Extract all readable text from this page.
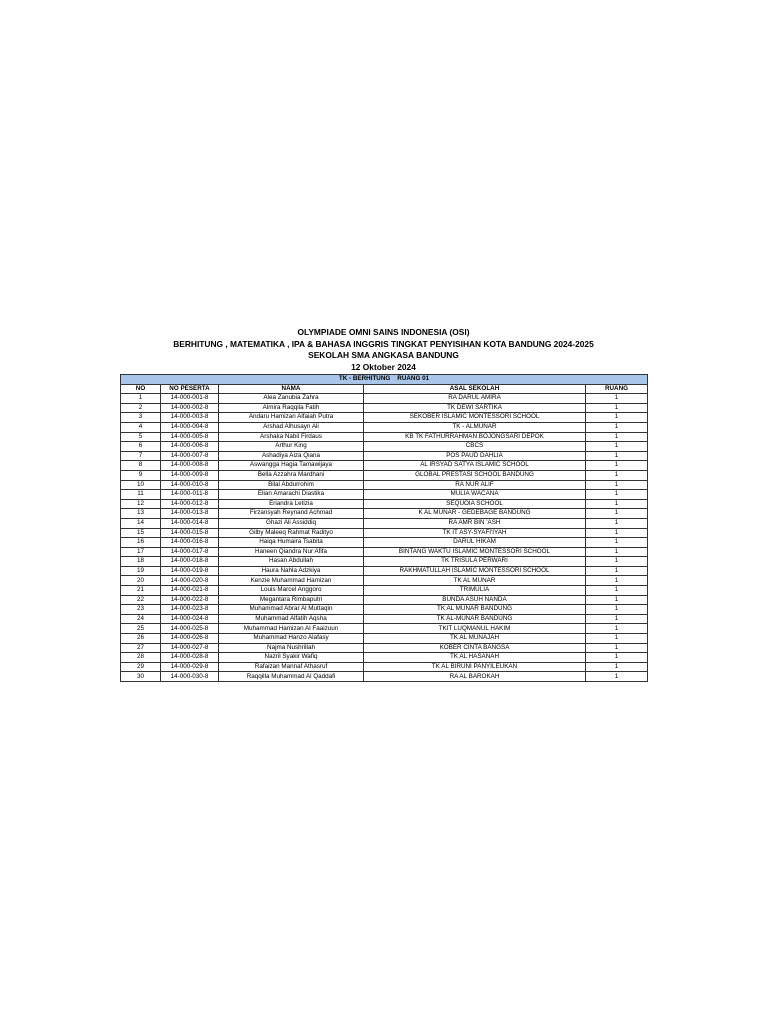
OLYMPIADE OMNI SAINS INDONESIA (OSI)
BERHITUNG , MATEMATIKA , IPA & BAHASA INGGRIS TINGKAT PENYISIHAN KOTA BANDUNG 2024-2025
SEKOLAH SMA ANGKASA BANDUNG
12 Oktober 2024
TK - BERHITUNG    RUANG 01				
NO	NO PESERTA	NAMA	ASAL SEKOLAH	RUANG
1	14-000-001-8	Alea Zanubia Zahra	RA DARUL AMIRA	1
2	14-000-002-8	Almira Raqqila Fatih	TK DEWI SARTIKA	1
3	14-000-003-8	Andaru Hamizan Alfaiah Putra	SEKOBER ISLAMIC MONTESSORI SCHOOL	1
4	14-000-004-8	Arshad Alhusayn Ali	TK - ALMUNAR	1
5	14-000-005-8	Arshaka Nabil Firdaus	KB TK FATHURRAHMAN BOJONGSARI DEPOK	1
6	14-000-006-8	Arthur King	CBCS	1
7	14-000-007-8	Ashadiya Aiza Qiana	POS PAUD DAHLIA	1
8	14-000-008-8	Aswangga Hagia Tamawijaya	AL IRSYAD SATYA ISLAMIC SCHOOL	1
9	14-000-009-8	Bella Azzahra Mardhani	GLOBAL PRESTASI SCHOOL BANDUNG	1
10	14-000-010-8	Bilal Abdurrohim	RA NUR ALIF	1
11	14-000-011-8	Elian Amarachi Diastika	MULIA WACANA	1
12	14-000-012-8	Eriandra Letizia	SEQUOIA SCHOOL	1
13	14-000-013-8	Firzansyah Reynand Achmad	K AL MUNAR - GEDEBAGE BANDUNG	1
14	14-000-014-8	Ghazi Ali Assiddiq	RA AMR BIN 'ASH	1
15	14-000-015-8	Gilby Maleeq Rahmat Radityo	TK IT ASY-SYAFI'IYAH	1
16	14-000-016-8	Haiqa Humaira Tsabita	DARUL HIKAM	1
17	14-000-017-8	Haneen Qiandra Nur Afifa	BINTANG WAKTU ISLAMIC MONTESSORI SCHOOL	1
18	14-000-018-8	Hasan Abdullah	TK TRISULA PERWARI	1
19	14-000-019-8	Haura Nahla Adzkiya	RAKHMATULLAH ISLAMIC MONTESSORI SCHOOL	1
20	14-000-020-8	Kenzie Muhammad Hamizan	TK AL MUNAR	1
21	14-000-021-8	Louis Marcel Anggoro	TRIMULIA	1
22	14-000-022-8	Megantara Rimbaputri	BUNDA ASUH NANDA	1
23	14-000-023-8	Muhammad Abrar Al Muttaqin	TK AL MUNAR BANDUNG	1
24	14-000-024-8	Muhammad Alfatih Aqsha	TK AL-MUNAR BANDUNG	1
25	14-000-025-8	Muhammad Hamizan Al Faaizuun	TKIT LUQMANUL HAKIM	1
26	14-000-026-8	Muhammad Hanzo Alafasy	TK AL MUNAJAH	1
27	14-000-027-8	Najma Nushrillah	KOBER CINTA BANGSA	1
28	14-000-028-8	Nazril Syakir Wafiq	TK AL HASANAH	1
29	14-000-029-8	Rafaizan Mannaf Athasruf	TK AL BIRUNI PANYILEUKAN	1
30	14-000-030-8	Raqqilla Muhammad Al Qaddafi	RA AL BAROKAH	1
